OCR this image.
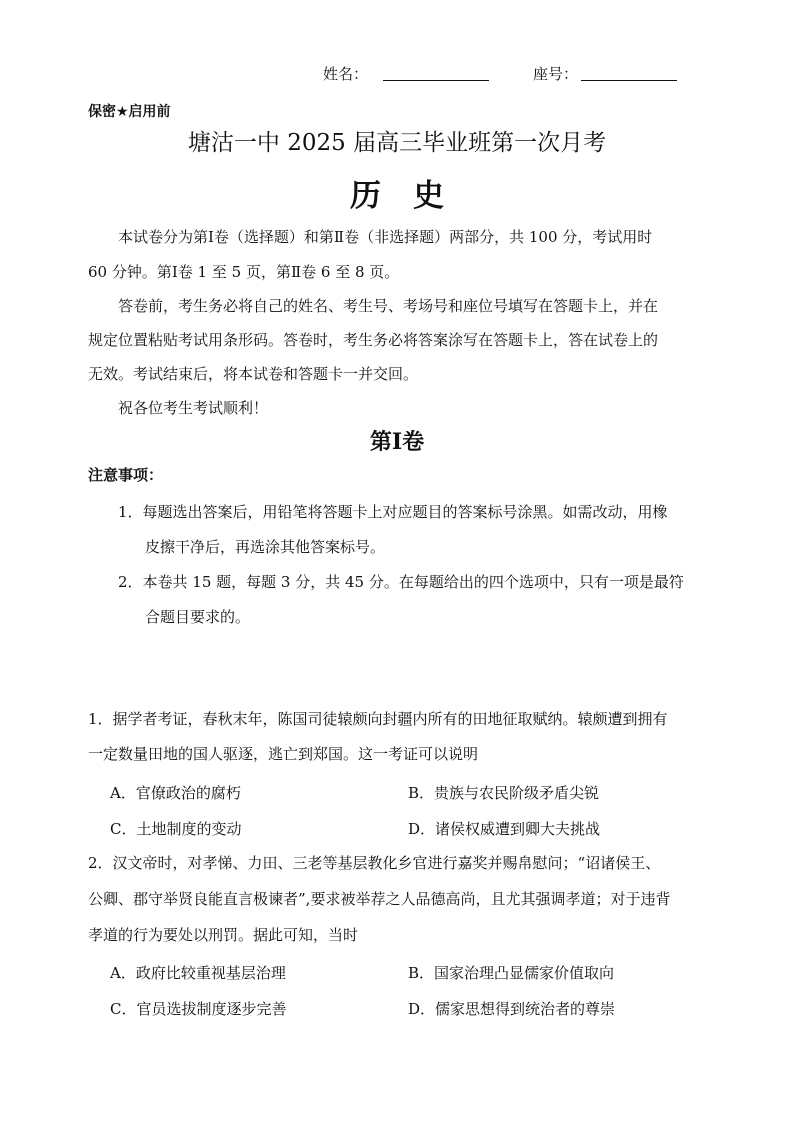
姓名：	座号：
保密★启用前
塘沽一中 2025 届高三毕业班第一次月考
历史
本试卷分为第Ⅰ卷（选择题）和第Ⅱ卷（非选择题）两部分，共 100 分，考试用时
60 分钟。第Ⅰ卷 1 至 5 页，第Ⅱ卷 6 至 8 页。
答卷前，考生务必将自己的姓名、考生号、考场号和座位号填写在答题卡上，并在
规定位置粘贴考试用条形码。答卷时，考生务必将答案涂写在答题卡上，答在试卷上的
无效。考试结束后，将本试卷和答题卡一并交回。
祝各位考生考试顺利！
第Ⅰ卷
注意事项：
1．每题选出答案后，用铅笔将答题卡上对应题目的答案标号涂黑。如需改动，用橡
皮擦干净后，再选涂其他答案标号。
2．本卷共 15 题，每题 3 分，共 45 分。在每题给出的四个选项中，只有一项是最符
合题目要求的。
1．据学者考证，春秋末年，陈国司徒辕颇向封疆内所有的田地征取赋纳。辕颇遭到拥有
一定数量田地的国人驱逐，逃亡到郑国。这一考证可以说明
A．官僚政治的腐朽	B．贵族与农民阶级矛盾尖锐
C．土地制度的变动	D．诸侯权威遭到卿大夫挑战
2．汉文帝时，对孝悌、力田、三老等基层教化乡官进行嘉奖并赐帛慰问；“诏诸侯王、
公卿、郡守举贤良能直言极谏者”,要求被举荐之人品德高尚，且尤其强调孝道；对于违背
孝道的行为要处以刑罚。据此可知，当时
A．政府比较重视基层治理	B．国家治理凸显儒家价值取向
C．官员选拔制度逐步完善	D．儒家思想得到统治者的尊崇
